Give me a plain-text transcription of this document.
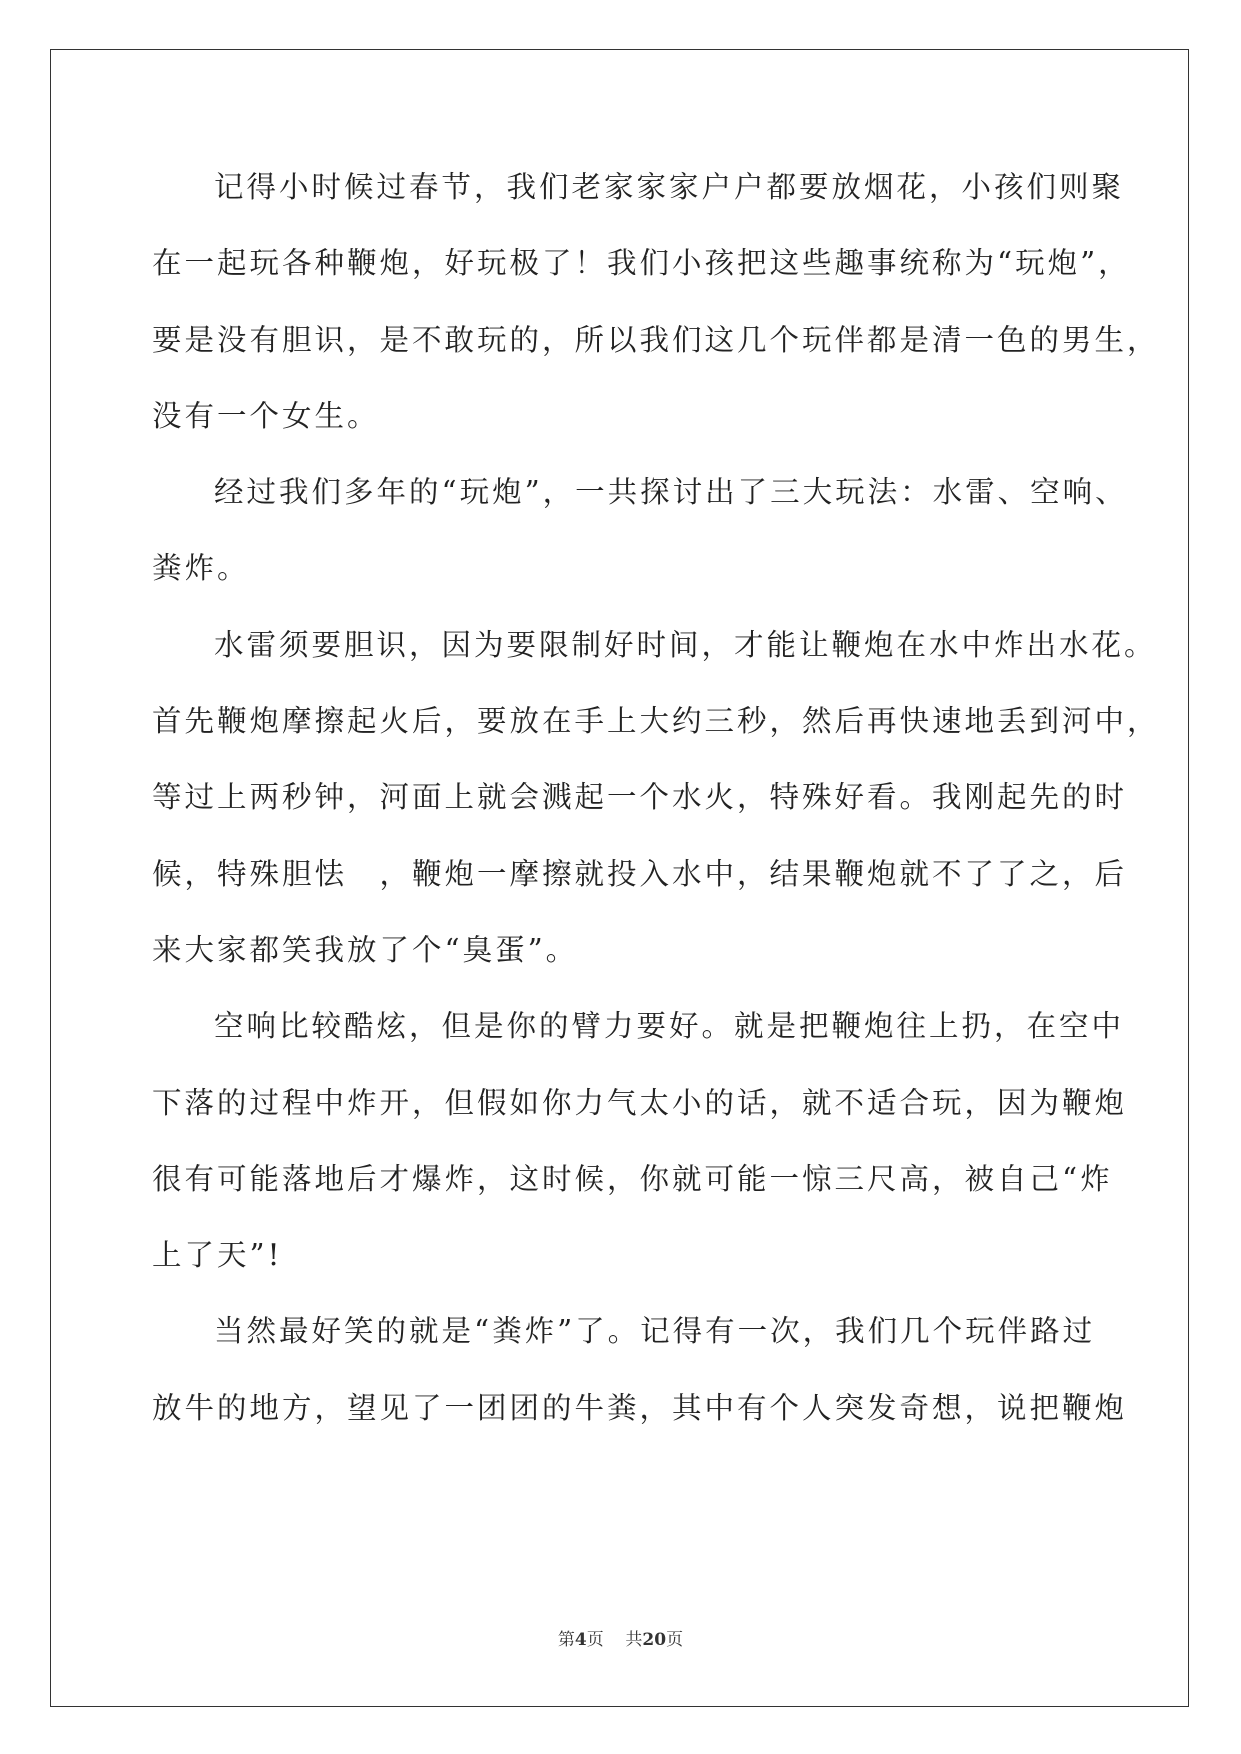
记得小时候过春节，我们老家家家户户都要放烟花，小孩们则聚
在一起玩各种鞭炮，好玩极了！我们小孩把这些趣事统称为“玩炮”，
要是没有胆识，是不敢玩的，所以我们这几个玩伴都是清一色的男生，
没有一个女生。
经过我们多年的“玩炮”，一共探讨出了三大玩法：水雷、空响、
粪炸。
水雷须要胆识，因为要限制好时间，才能让鞭炮在水中炸出水花。
首先鞭炮摩擦起火后，要放在手上大约三秒，然后再快速地丢到河中，
等过上两秒钟，河面上就会溅起一个水火，特殊好看。我刚起先的时
候，特殊胆怯　，鞭炮一摩擦就投入水中，结果鞭炮就不了了之，后
来大家都笑我放了个“臭蛋”。
空响比较酷炫，但是你的臂力要好。就是把鞭炮往上扔，在空中
下落的过程中炸开，但假如你力气太小的话，就不适合玩，因为鞭炮
很有可能落地后才爆炸，这时候，你就可能一惊三尺高，被自己“炸
上了天”!
当然最好笑的就是“粪炸”了。记得有一次，我们几个玩伴路过
放牛的地方，望见了一团团的牛粪，其中有个人突发奇想，说把鞭炮
第4页 共20页
